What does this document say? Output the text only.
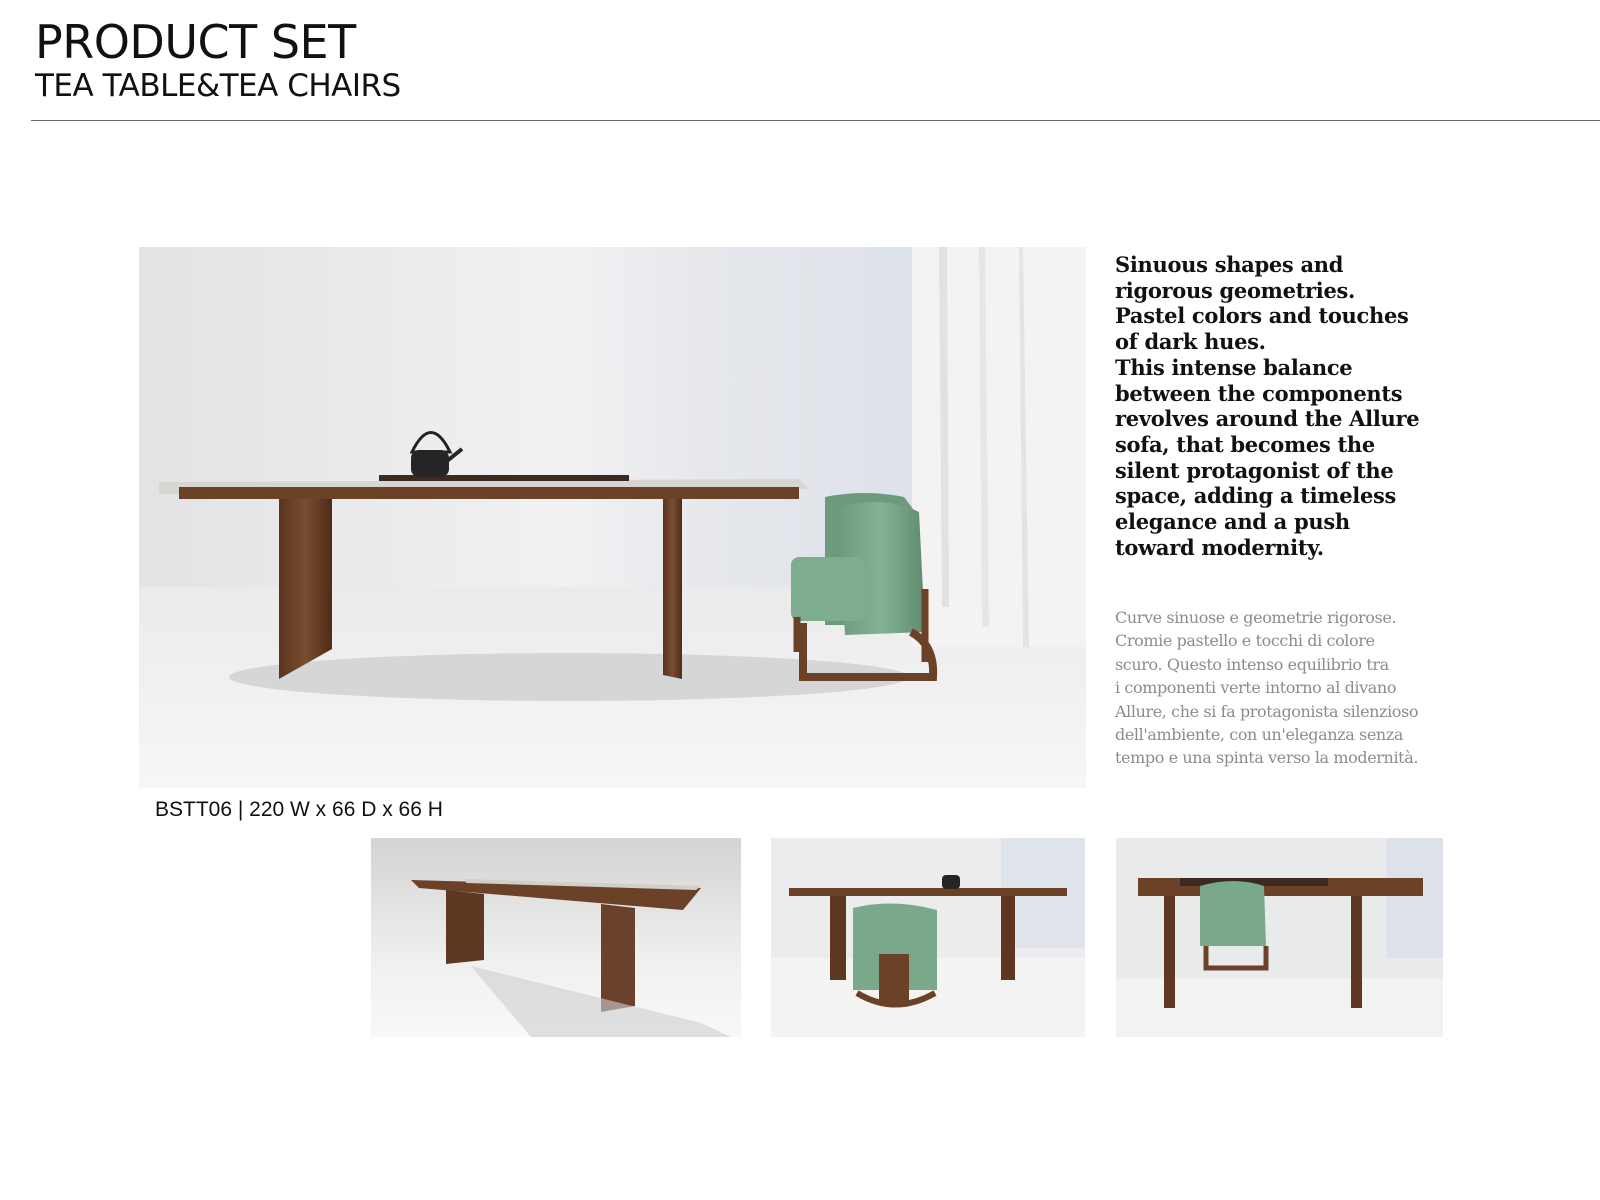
PRODUCT SET
TEA TABLE&TEA CHAIRS
Sinuous shapes and
rigorous geometries.
Pastel colors and touches
of dark hues.
This intense balance
between the components
revolves around the Allure
sofa, that becomes the
silent protagonist of the
space, adding a timeless
elegance and a push
toward modernity.
Curve sinuose e geometrie rigorose.
Cromie pastello e tocchi di colore
scuro. Questo intenso equilibrio tra
i componenti verte intorno al divano
Allure, che si fa protagonista silenzioso
dell'ambiente, con un'eleganza senza
tempo e una spinta verso la modernità.
BSTT06 | 220 W x 66 D x 66 H
